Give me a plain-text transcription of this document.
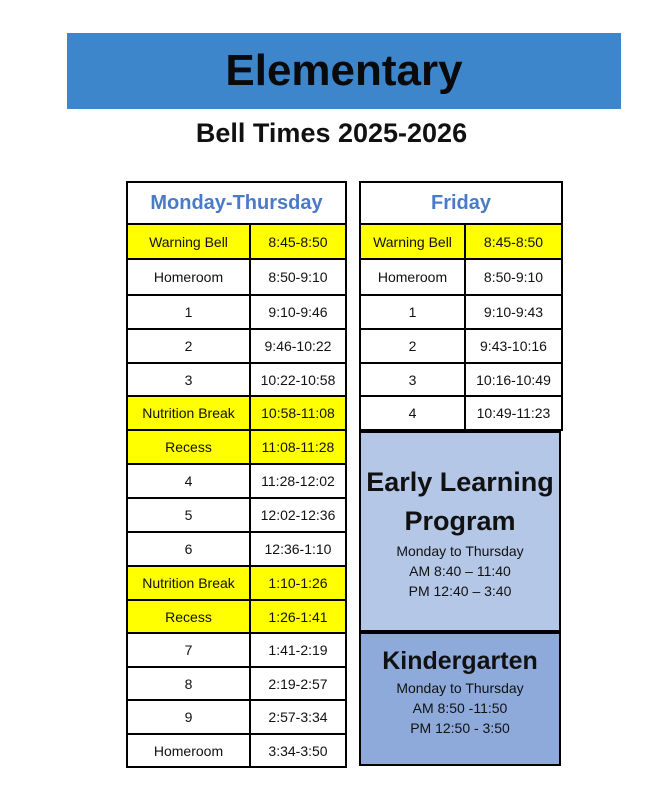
Elementary
Bell Times 2025-2026
Monday-Thursday	
Warning Bell	8:45-8:50
Homeroom	8:50-9:10
1	9:10-9:46
2	9:46-10:22
3	10:22-10:58
Nutrition Break	10:58-11:08
Recess	11:08-11:28
4	11:28-12:02
5	12:02-12:36
6	12:36-1:10
Nutrition Break	1:10-1:26
Recess	1:26-1:41
7	1:41-2:19
8	2:19-2:57
9	2:57-3:34
Homeroom	3:34-3:50
Friday	
Warning Bell	8:45-8:50
Homeroom	8:50-9:10
1	9:10-9:43
2	9:43-10:16
3	10:16-10:49
4	10:49-11:23
Early Learning
Program
Monday to Thursday
AM 8:40 – 11:40
PM 12:40 – 3:40
Kindergarten
Monday to Thursday
AM 8:50 -11:50
PM 12:50 - 3:50
